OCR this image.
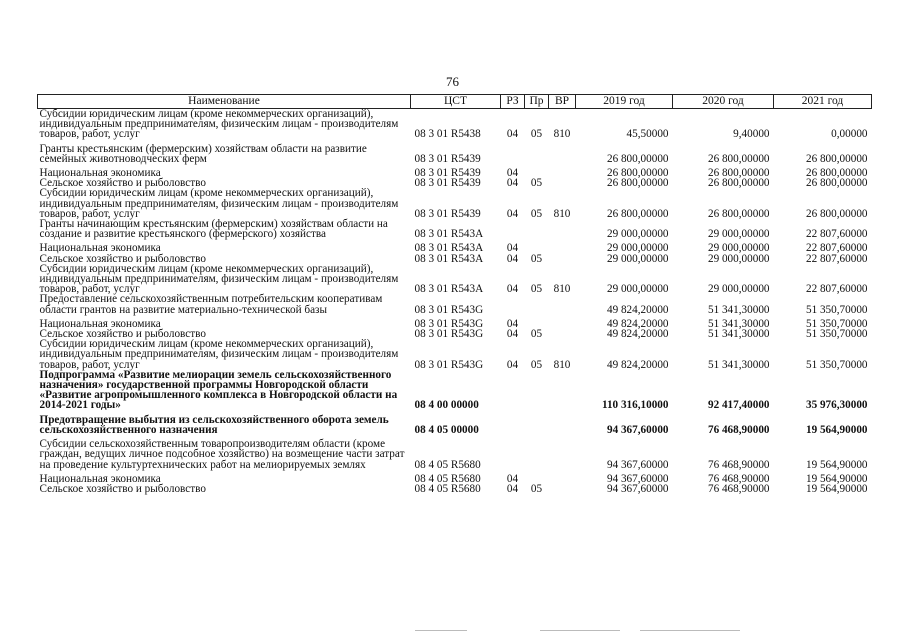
76
Наименование	ЦСТ	РЗ	Пр	ВР	2019 год	2020 год	2021 год
Субсидии юридическим лицам (кроме некоммерческих организаций), индивидуальным предпринимателям, физическим лицам - производителям товаров, работ, услуг	08 3 01 R5438	04	05	810	45,50000	9,40000	0,00000
Гранты крестьянским (фермерским) хозяйствам области на развитие семейных животноводческих ферм	08 3 01 R5439				26 800,00000	26 800,00000	26 800,00000
Национальная экономика	08 3 01 R5439	04			26 800,00000	26 800,00000	26 800,00000
Сельское хозяйство и рыболовство	08 3 01 R5439	04	05		26 800,00000	26 800,00000	26 800,00000
Субсидии юридическим лицам (кроме некоммерческих организаций), индивидуальным предпринимателям, физическим лицам - производителям товаров, работ, услуг	08 3 01 R5439	04	05	810	26 800,00000	26 800,00000	26 800,00000
Гранты начинающим крестьянским (фермерским) хозяйствам области на создание и развитие крестьянского (фермерского) хозяйства	08 3 01 R543A				29 000,00000	29 000,00000	22 807,60000
Национальная экономика	08 3 01 R543A	04			29 000,00000	29 000,00000	22 807,60000
Сельское хозяйство и рыболовство	08 3 01 R543A	04	05		29 000,00000	29 000,00000	22 807,60000
Субсидии юридическим лицам (кроме некоммерческих организаций), индивидуальным предпринимателям, физическим лицам - производителям товаров, работ, услуг	08 3 01 R543A	04	05	810	29 000,00000	29 000,00000	22 807,60000
Предоставление сельскохозяйственным потребительским кооперативам области грантов на развитие материально-технической базы	08 3 01 R543G				49 824,20000	51 341,30000	51 350,70000
Национальная экономика	08 3 01 R543G	04			49 824,20000	51 341,30000	51 350,70000
Сельское хозяйство и рыболовство	08 3 01 R543G	04	05		49 824,20000	51 341,30000	51 350,70000
Субсидии юридическим лицам (кроме некоммерческих организаций), индивидуальным предпринимателям, физическим лицам - производителям товаров, работ, услуг	08 3 01 R543G	04	05	810	49 824,20000	51 341,30000	51 350,70000
Подпрограмма «Развитие мелиорации земель сельскохозяйственного назначения» государственной программы Новгородской области «Развитие агропромышленного комплекса в Новгородской области на 2014-2021 годы»	08 4 00 00000				110 316,10000	92 417,40000	35 976,30000
Предотвращение выбытия из сельскохозяйственного оборота земель сельскохозяйственного назначения	08 4 05 00000				94 367,60000	76 468,90000	19 564,90000
Субсидии сельскохозяйственным товаропроизводителям области (кроме граждан, ведущих личное подсобное хозяйство) на возмещение части затрат на проведение культуртехнических работ на мелиорируемых землях	08 4 05 R5680				94 367,60000	76 468,90000	19 564,90000
Национальная экономика	08 4 05 R5680	04			94 367,60000	76 468,90000	19 564,90000
Сельское хозяйство и рыболовство	08 4 05 R5680	04	05		94 367,60000	76 468,90000	19 564,90000
